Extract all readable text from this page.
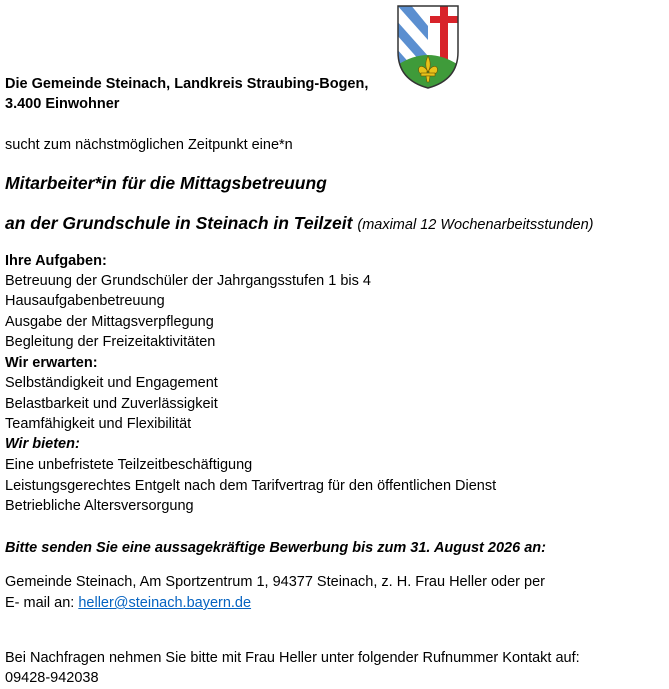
Die Gemeinde Steinach, Landkreis Straubing-Bogen,
3.400 Einwohner
sucht zum nächstmöglichen Zeitpunkt eine*n
Mitarbeiter*in für die Mittagsbetreuung
an der Grundschule in Steinach in Teilzeit (maximal 12 Wochenarbeitsstunden)
Ihre Aufgaben:
Betreuung der Grundschüler der Jahrgangsstufen 1 bis 4
Hausaufgabenbetreuung
Ausgabe der Mittagsverpflegung
Begleitung der Freizeitaktivitäten
Wir erwarten:
Selbständigkeit und Engagement
Belastbarkeit und Zuverlässigkeit
Teamfähigkeit und Flexibilität
Wir bieten:
Eine unbefristete Teilzeitbeschäftigung
Leistungsgerechtes Entgelt nach dem Tarifvertrag für den öffentlichen Dienst
Betriebliche Altersversorgung
Bitte senden Sie eine aussagekräftige Bewerbung bis zum 31. August 2026 an:
Gemeinde Steinach, Am Sportzentrum 1, 94377 Steinach, z. H. Frau Heller oder per
E- mail an: heller@steinach.bayern.de
Bei Nachfragen nehmen Sie bitte mit Frau Heller unter folgender Rufnummer Kontakt auf:
09428-942038
